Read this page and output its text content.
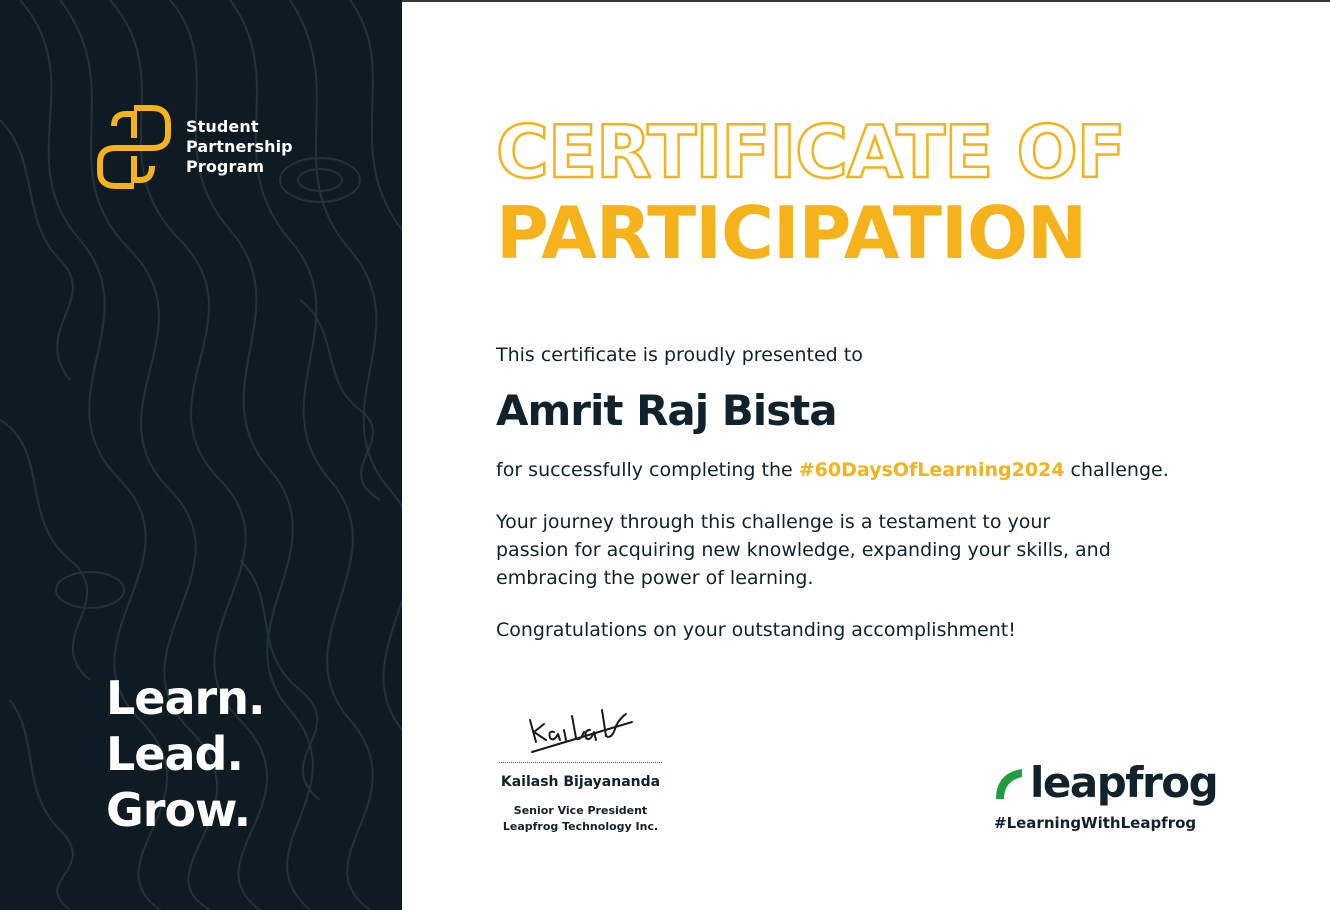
Student
Partnership
Program
Learn.
Lead.
Grow.
CERTIFICATE OF
PARTICIPATION
This certificate is proudly presented to
Amrit Raj Bista
for successfully completing the #60DaysOfLearning2024 challenge.
Your journey through this challenge is a testament to your
passion for acquiring new knowledge, expanding your skills, and
embracing the power of learning.
Congratulations on your outstanding accomplishment!
Kailash Bijayananda
Senior Vice President
Leapfrog Technology Inc.
leapfrog
#LearningWithLeapfrog
